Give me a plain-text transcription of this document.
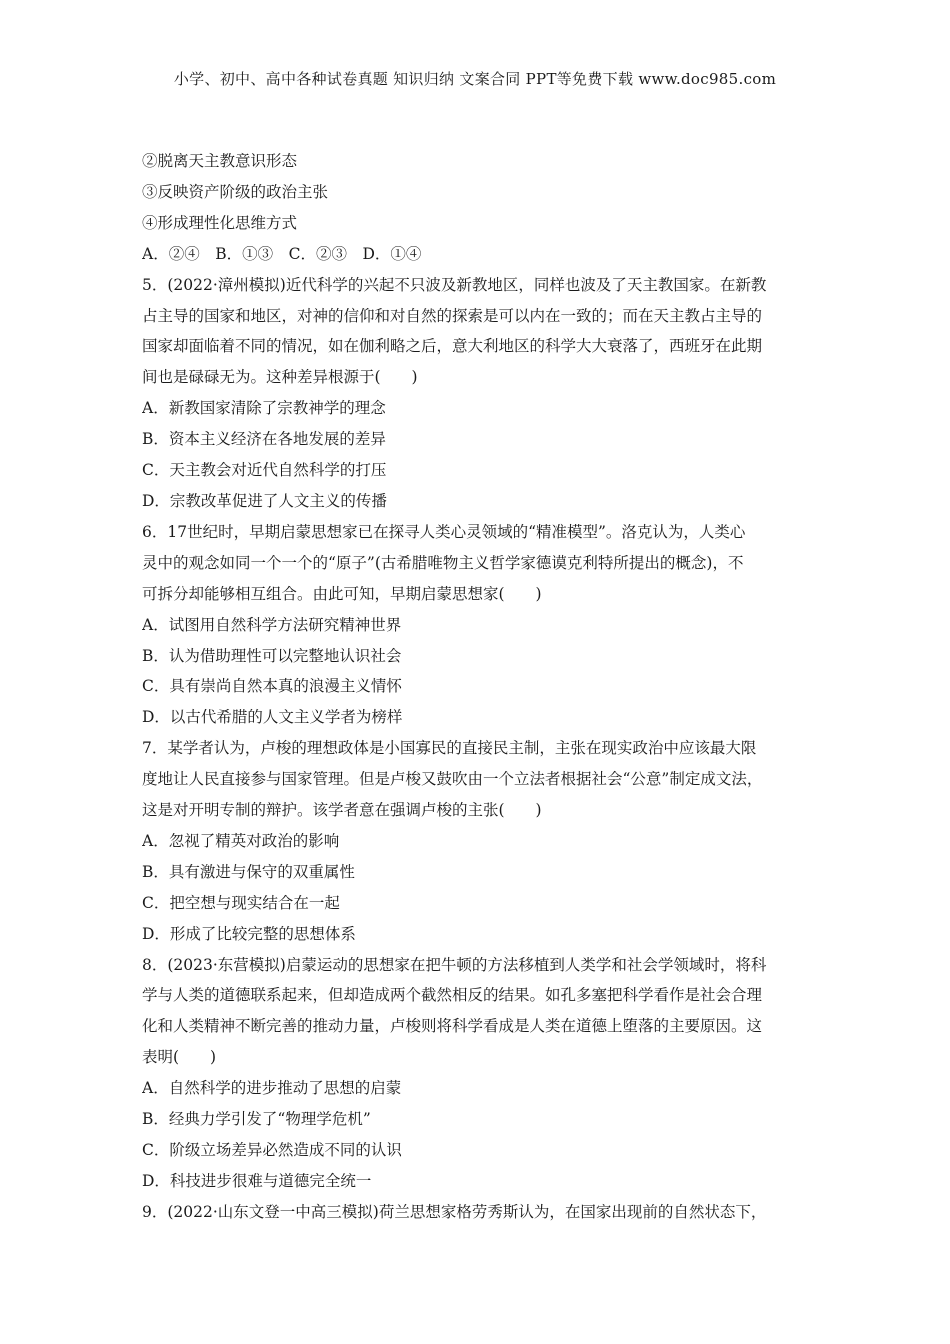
小学、初中、高中各种试卷真题 知识归纳 文案合同 PPT等免费下载 www.doc985.com
②脱离天主教意识形态
③反映资产阶级的政治主张
④形成理性化思维方式
A．②④　B．①③　C．②③　D．①④
5．(2022·漳州模拟)近代科学的兴起不只波及新教地区，同样也波及了天主教国家。在新教
占主导的国家和地区，对神的信仰和对自然的探索是可以内在一致的；而在天主教占主导的
国家却面临着不同的情况，如在伽利略之后，意大利地区的科学大大衰落了，西班牙在此期
间也是碌碌无为。这种差异根源于(　　)
A．新教国家清除了宗教神学的理念
B．资本主义经济在各地发展的差异
C．天主教会对近代自然科学的打压
D．宗教改革促进了人文主义的传播
6．17世纪时，早期启蒙思想家已在探寻人类心灵领域的“精准模型”。洛克认为，人类心
灵中的观念如同一个一个的“原子”(古希腊唯物主义哲学家德谟克利特所提出的概念)，不
可拆分却能够相互组合。由此可知，早期启蒙思想家(　　)
A．试图用自然科学方法研究精神世界
B．认为借助理性可以完整地认识社会
C．具有崇尚自然本真的浪漫主义情怀
D．以古代希腊的人文主义学者为榜样
7．某学者认为，卢梭的理想政体是小国寡民的直接民主制，主张在现实政治中应该最大限
度地让人民直接参与国家管理。但是卢梭又鼓吹由一个立法者根据社会“公意”制定成文法，
这是对开明专制的辩护。该学者意在强调卢梭的主张(　　)
A．忽视了精英对政治的影响
B．具有激进与保守的双重属性
C．把空想与现实结合在一起
D．形成了比较完整的思想体系
8．(2023·东营模拟)启蒙运动的思想家在把牛顿的方法移植到人类学和社会学领域时，将科
学与人类的道德联系起来，但却造成两个截然相反的结果。如孔多塞把科学看作是社会合理
化和人类精神不断完善的推动力量，卢梭则将科学看成是人类在道德上堕落的主要原因。这
表明(　　)
A．自然科学的进步推动了思想的启蒙
B．经典力学引发了“物理学危机”
C．阶级立场差异必然造成不同的认识
D．科技进步很难与道德完全统一
9．(2022·山东文登一中高三模拟)荷兰思想家格劳秀斯认为，在国家出现前的自然状态下，
